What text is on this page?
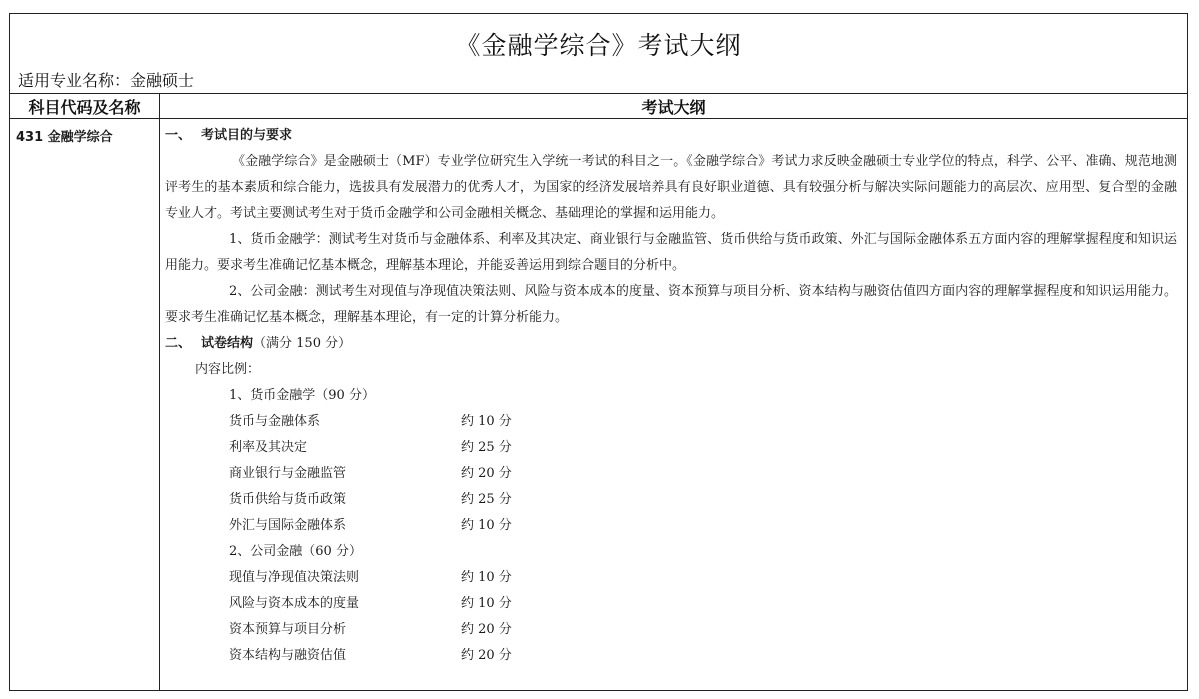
《金融学综合》考试大纲
适用专业名称：金融硕士
科目代码及名称	考试大纲
431 金融学综合	一、 考试目的与要求
《金融学综合》是金融硕士（MF）专业学位研究生入学统一考试的科目之一。《金融学综合》考试力求反映金融硕士专业学位的特点，科学、公平、准确、规范地测评考生的基本素质和综合能力，选拔具有发展潜力的优秀人才，为国家的经济发展培养具有良好职业道德、具有较强分析与解决实际问题能力的高层次、应用型、复合型的金融专业人才。考试主要测试考生对于货币金融学和公司金融相关概念、基础理论的掌握和运用能力。
1、货币金融学：测试考生对货币与金融体系、利率及其决定、商业银行与金融监管、货币供给与货币政策、外汇与国际金融体系五方面内容的理解掌握程度和知识运用能力。要求考生准确记忆基本概念，理解基本理论，并能妥善运用到综合题目的分析中。
2、公司金融：测试考生对现值与净现值决策法则、风险与资本成本的度量、资本预算与项目分析、资本结构与融资估值四方面内容的理解掌握程度和知识运用能力。要求考生准确记忆基本概念，理解基本理论，有一定的计算分析能力。
二、 试卷结构（满分 150 分）
内容比例：
1、货币金融学（90 分）
货币与金融体系	约 10 分
利率及其决定	约 25 分
商业银行与金融监管	约 20 分
货币供给与货币政策	约 25 分
外汇与国际金融体系	约 10 分
2、公司金融（60 分）
现值与净现值决策法则	约 10 分
风险与资本成本的度量	约 10 分
资本预算与项目分析	约 20 分
资本结构与融资估值	约 20 分
